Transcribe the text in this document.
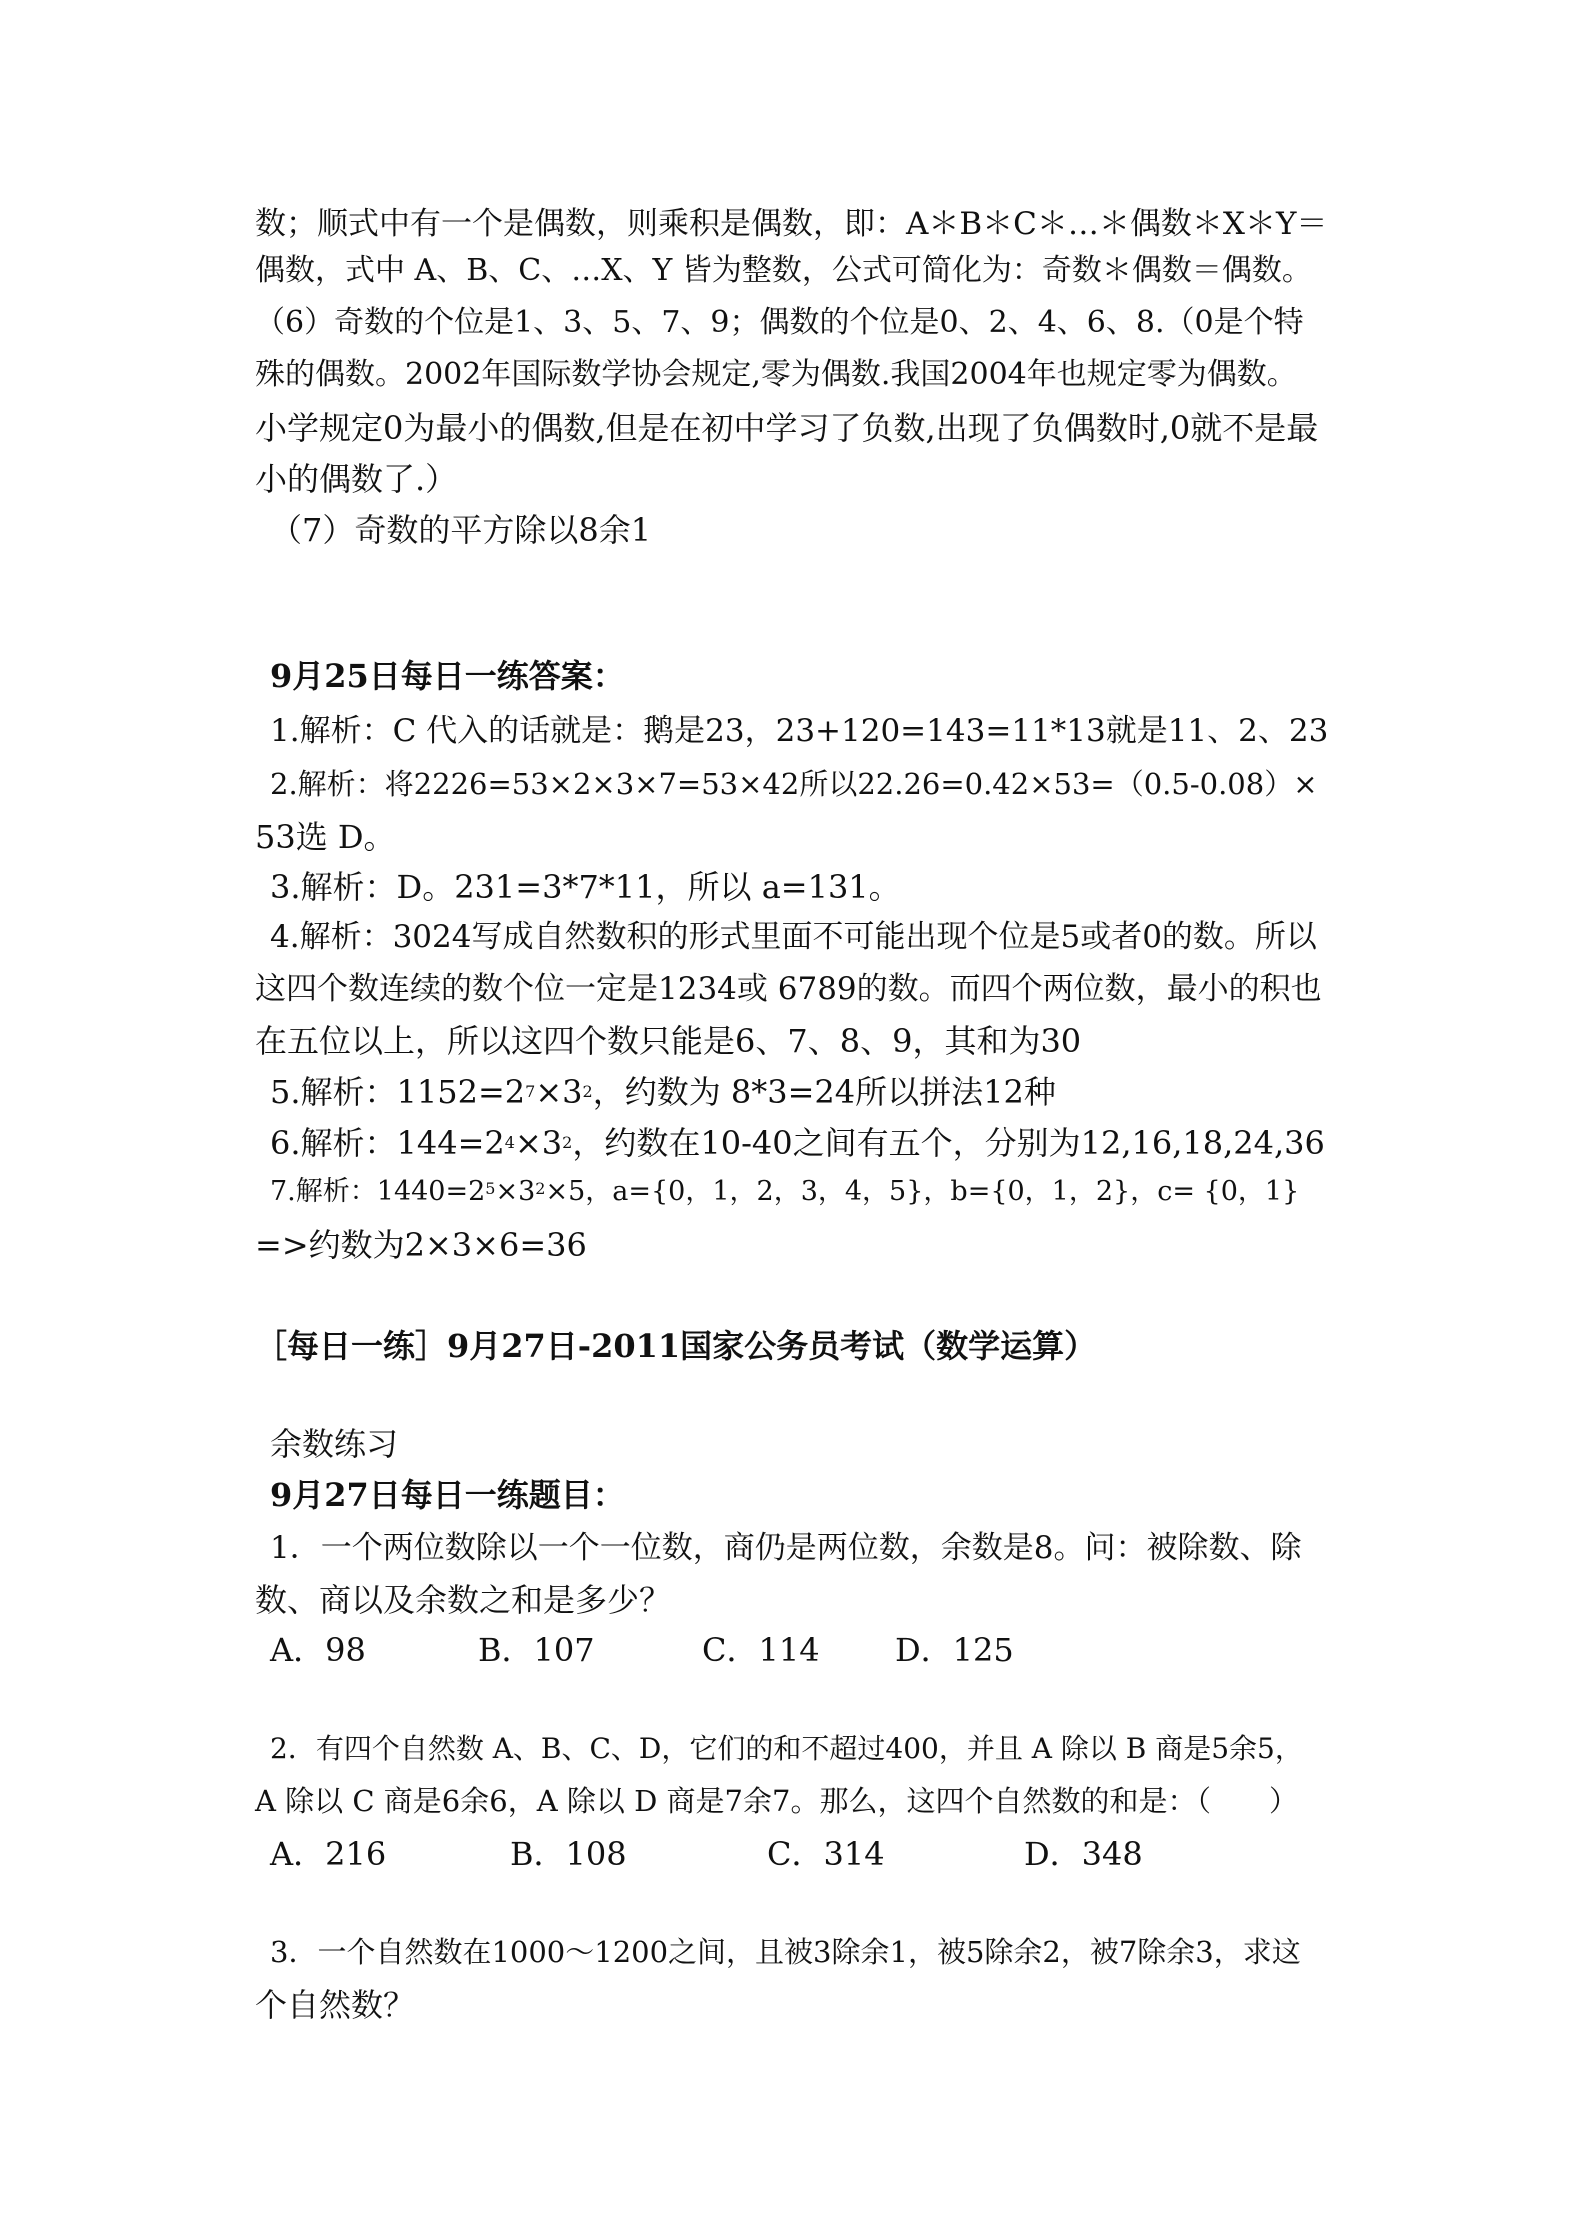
数；顺式中有一个是偶数，则乘积是偶数，即：A＊B＊C＊…＊偶数＊X＊Y＝
偶数，式中 A、B、C、…X、Y 皆为整数，公式可简化为：奇数＊偶数＝偶数。
（6）奇数的个位是1、3、5、7、9；偶数的个位是0、2、4、6、8.（0是个特
殊的偶数。2002年国际数学协会规定,零为偶数.我国2004年也规定零为偶数。
小学规定0为最小的偶数,但是在初中学习了负数,出现了负偶数时,0就不是最
小的偶数了.）
（7）奇数的平方除以8余1
9月25日每日一练答案：
1.解析：C 代入的话就是：鹅是23，23+120=143=11*13就是11、2、23
2.解析：将2226=53×2×3×7=53×42所以22.26=0.42×53=（0.5-0.08）×
53选 D。
3.解析：D。231=3*7*11，所以 a=131。
4.解析：3024写成自然数积的形式里面不可能出现个位是5或者0的数。所以
这四个数连续的数个位一定是1234或 6789的数。而四个两位数，最小的积也
在五位以上，所以这四个数只能是6、7、8、9，其和为30
5.解析：$1152=2^7\times 3^2$，约数为 8*3=24所以拼法12种
6.解析：$144=2^4\times 3^2$，约数在10-40之间有五个，分别为12,16,18,24,36
7.解析：$1440=2^5\times 3^2\times 5$，a={0，1，2，3，4，5}，b={0，1，2}，c= {0，1}
=>约数为2×3×6=36
［每日一练］9月27日-2011国家公务员考试（数学运算）
余数练习
9月27日每日一练题目：
1．一个两位数除以一个一位数，商仍是两位数，余数是8。问：被除数、除
数、商以及余数之和是多少？
A．98	B．107	C．114 D．125
2．有四个自然数 A、B、C、D，它们的和不超过400，并且 A 除以 B 商是5余5，
A 除以 C 商是6余6，A 除以 D 商是7余7。那么，这四个自然数的和是：（　　）
A．216	B．108	C．314	D．348
3．一个自然数在1000～1200之间，且被3除余1，被5除余2，被7除余3，求这
个自然数？
